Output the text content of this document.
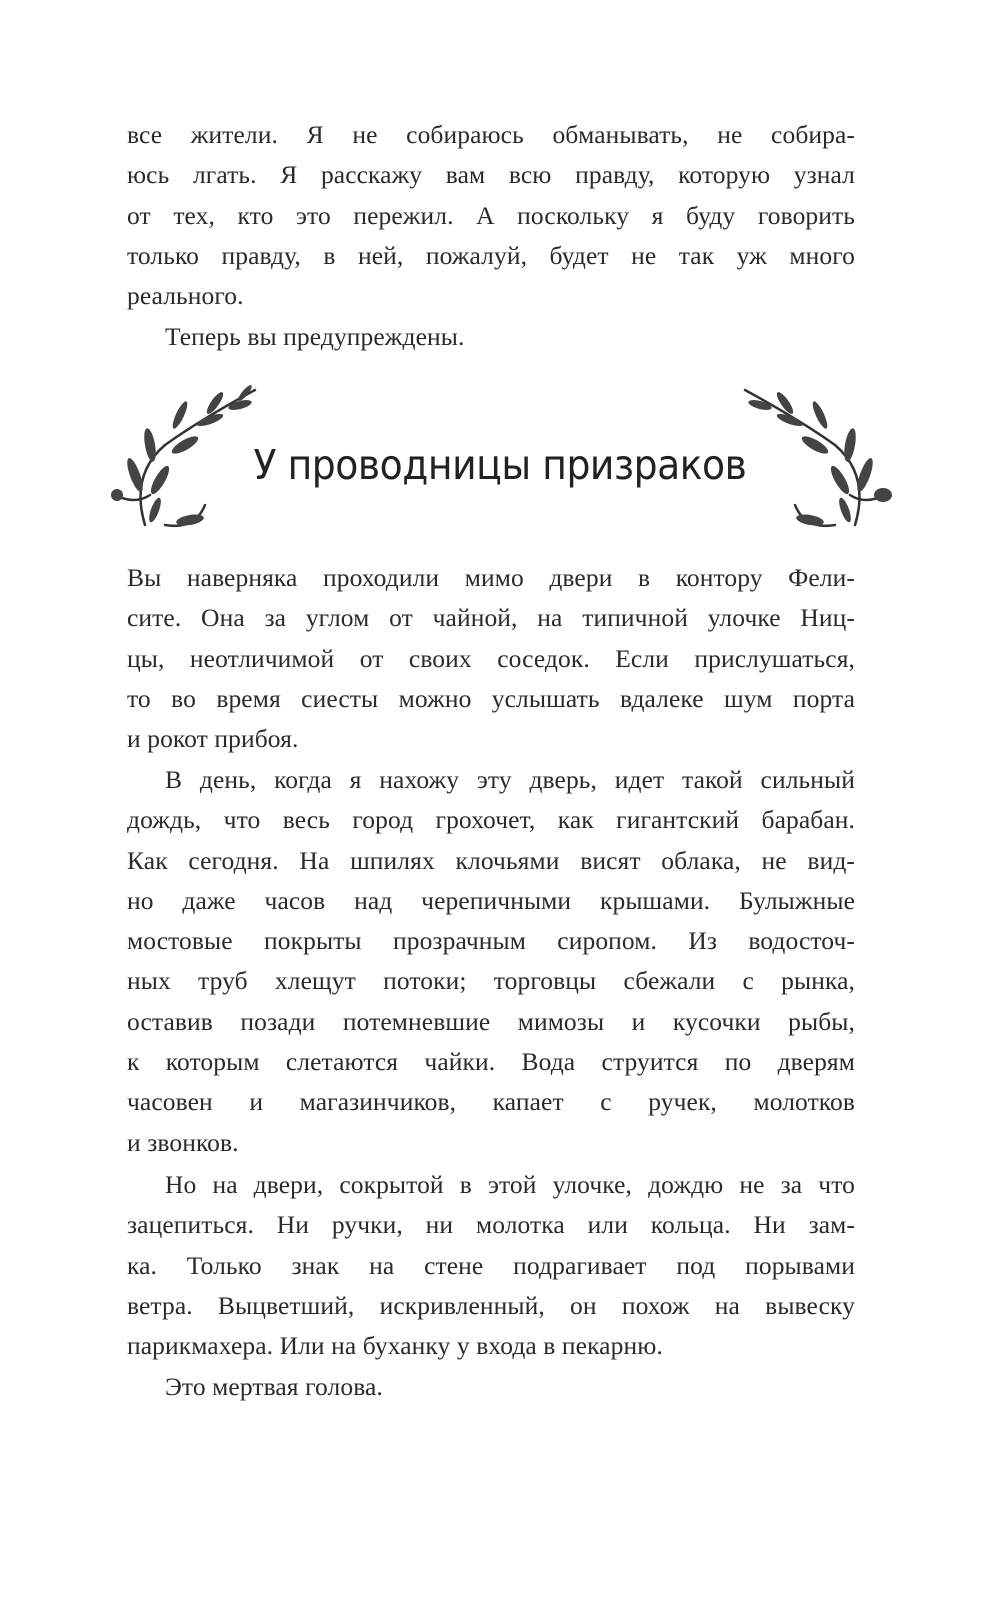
все жители. Я не собираюсь обманывать, не собира-
юсь лгать. Я расскажу вам всю правду, которую узнал
от тех, кто это пережил. А поскольку я буду говорить
только правду, в ней, пожалуй, будет не так уж много
реального.
Теперь вы предупреждены.
У проводницы призраков
Вы наверняка проходили мимо двери в контору Фели-
сите. Она за углом от чайной, на типичной улочке Ниц-
цы, неотличимой от своих соседок. Если прислушаться,
то во время сиесты можно услышать вдалеке шум порта
и рокот прибоя.
В день, когда я нахожу эту дверь, идет такой сильный
дождь, что весь город грохочет, как гигантский барабан.
Как сегодня. На шпилях клочьями висят облака, не вид-
но даже часов над черепичными крышами. Булыжные
мостовые покрыты прозрачным сиропом. Из водосточ-
ных труб хлещут потоки; торговцы сбежали с рынка,
оставив позади потемневшие мимозы и кусочки рыбы,
к которым слетаются чайки. Вода струится по дверям
часовен и магазинчиков, капает с ручек, молотков
и звонков.
Но на двери, сокрытой в этой улочке, дождю не за что
зацепиться. Ни ручки, ни молотка или кольца. Ни зам-
ка. Только знак на стене подрагивает под порывами
ветра. Выцветший, искривленный, он похож на вывеску
парикмахера. Или на буханку у входа в пекарню.
Это мертвая голова.
